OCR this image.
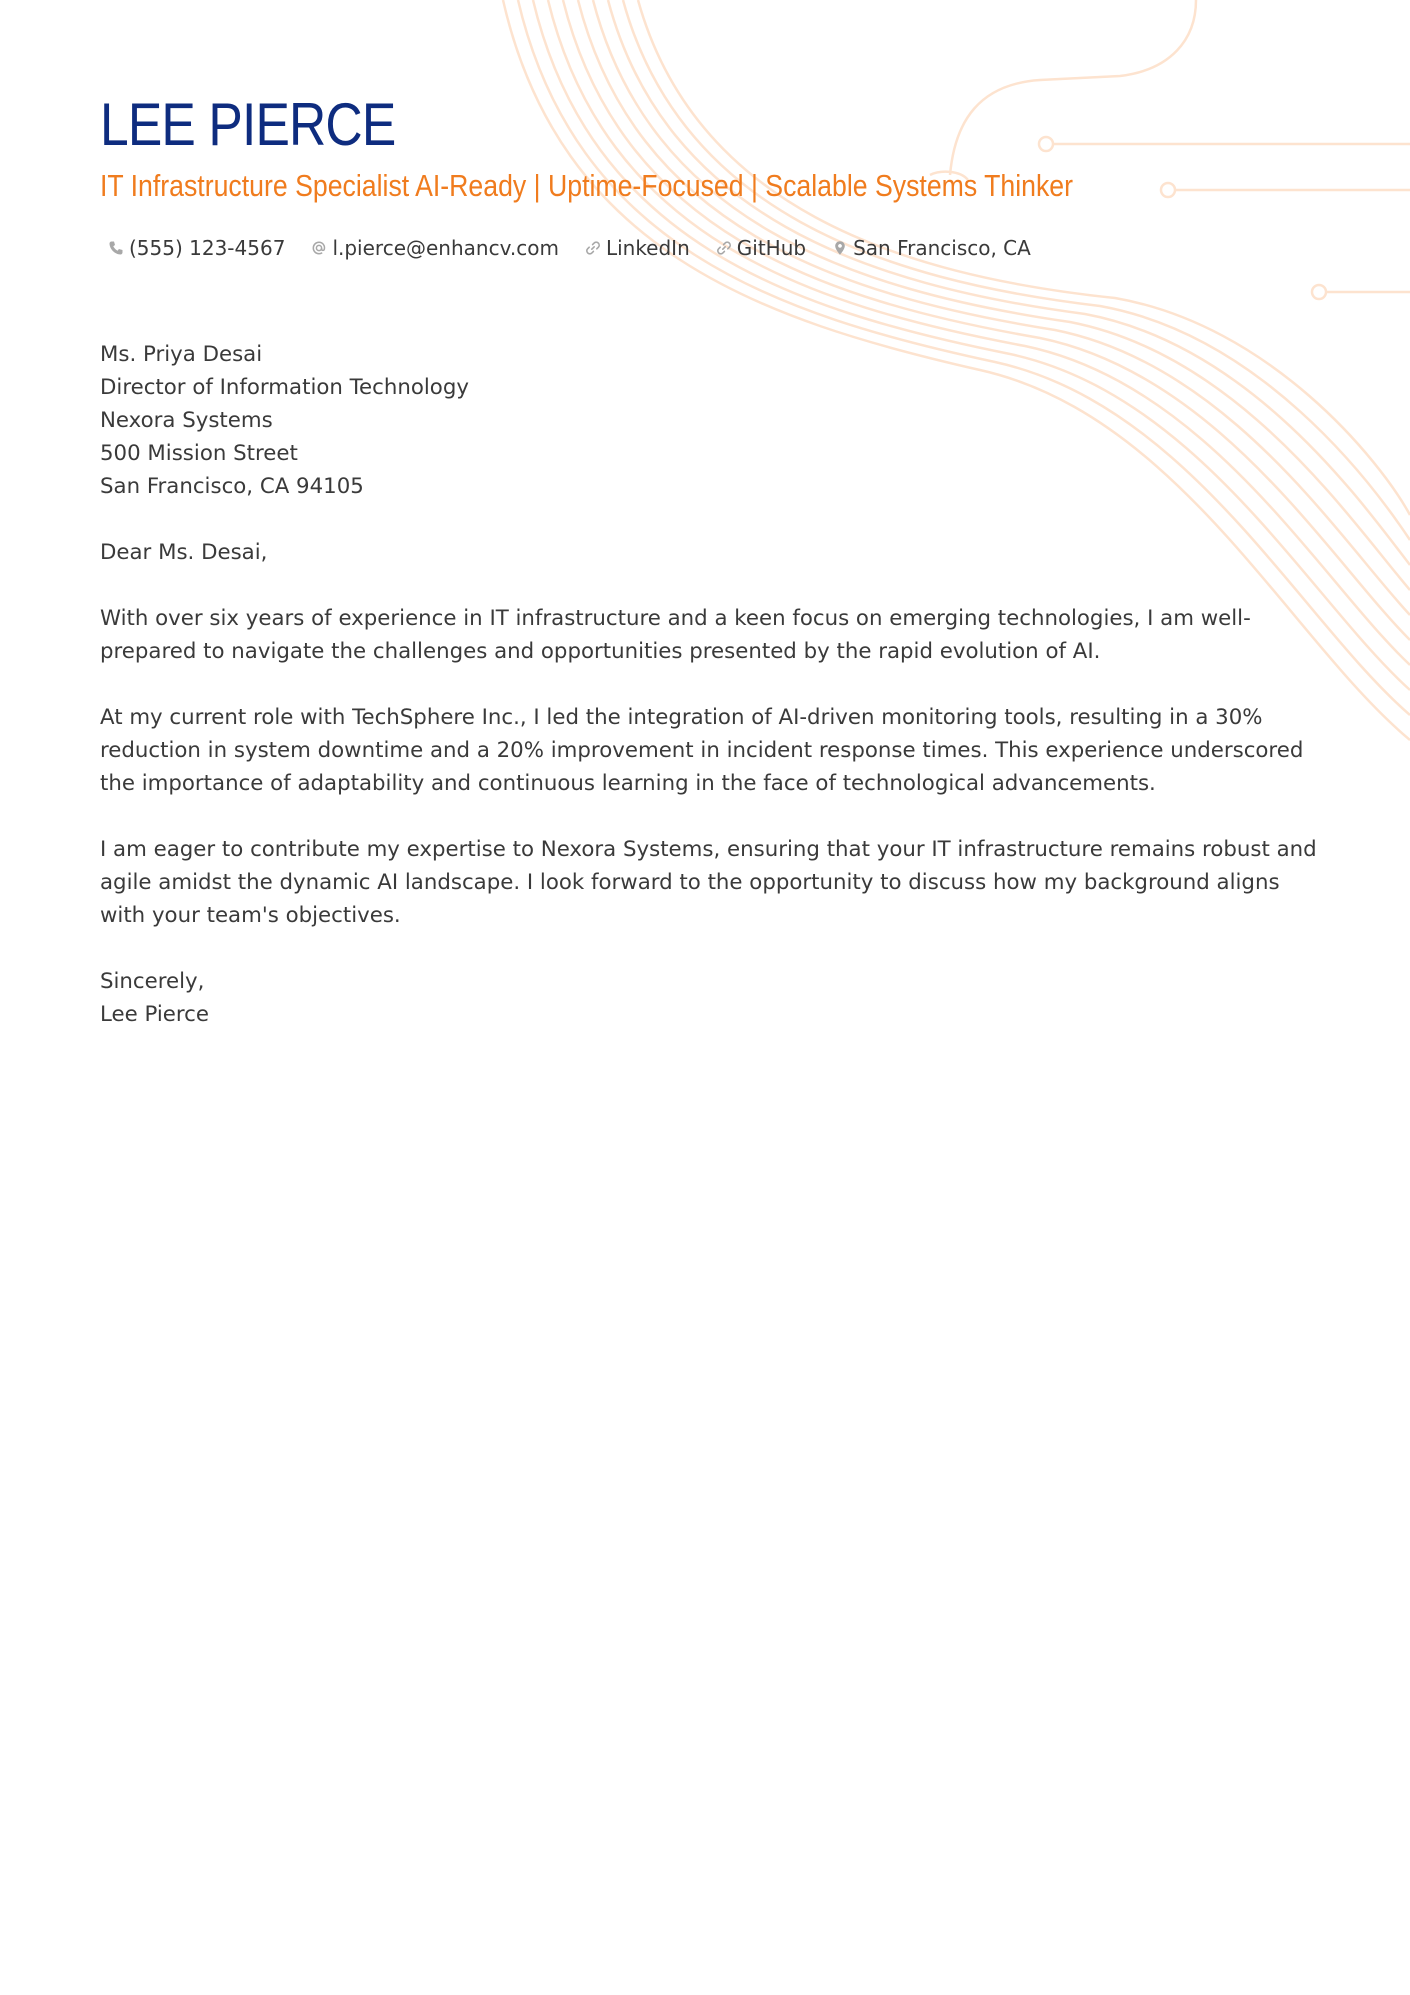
LEE PIERCE
IT Infrastructure Specialist AI-Ready | Uptime-Focused | Scalable Systems Thinker
(555) 123-4567 l.pierce@enhancv.com LinkedIn GitHub San Francisco, CA

Ms. Priya Desai
Director of Information Technology
Nexora Systems
500 Mission Street
San Francisco, CA 94105

Dear Ms. Desai,

With over six years of experience in IT infrastructure and a keen focus on emerging technologies, I am well-prepared to navigate the challenges and opportunities presented by the rapid evolution of AI.

At my current role with TechSphere Inc., I led the integration of AI-driven monitoring tools, resulting in a 30% reduction in system downtime and a 20% improvement in incident response times. This experience underscored the importance of adaptability and continuous learning in the face of technological advancements.

I am eager to contribute my expertise to Nexora Systems, ensuring that your IT infrastructure remains robust and agile amidst the dynamic AI landscape. I look forward to the opportunity to discuss how my background aligns with your team's objectives.

Sincerely,
Lee Pierce
